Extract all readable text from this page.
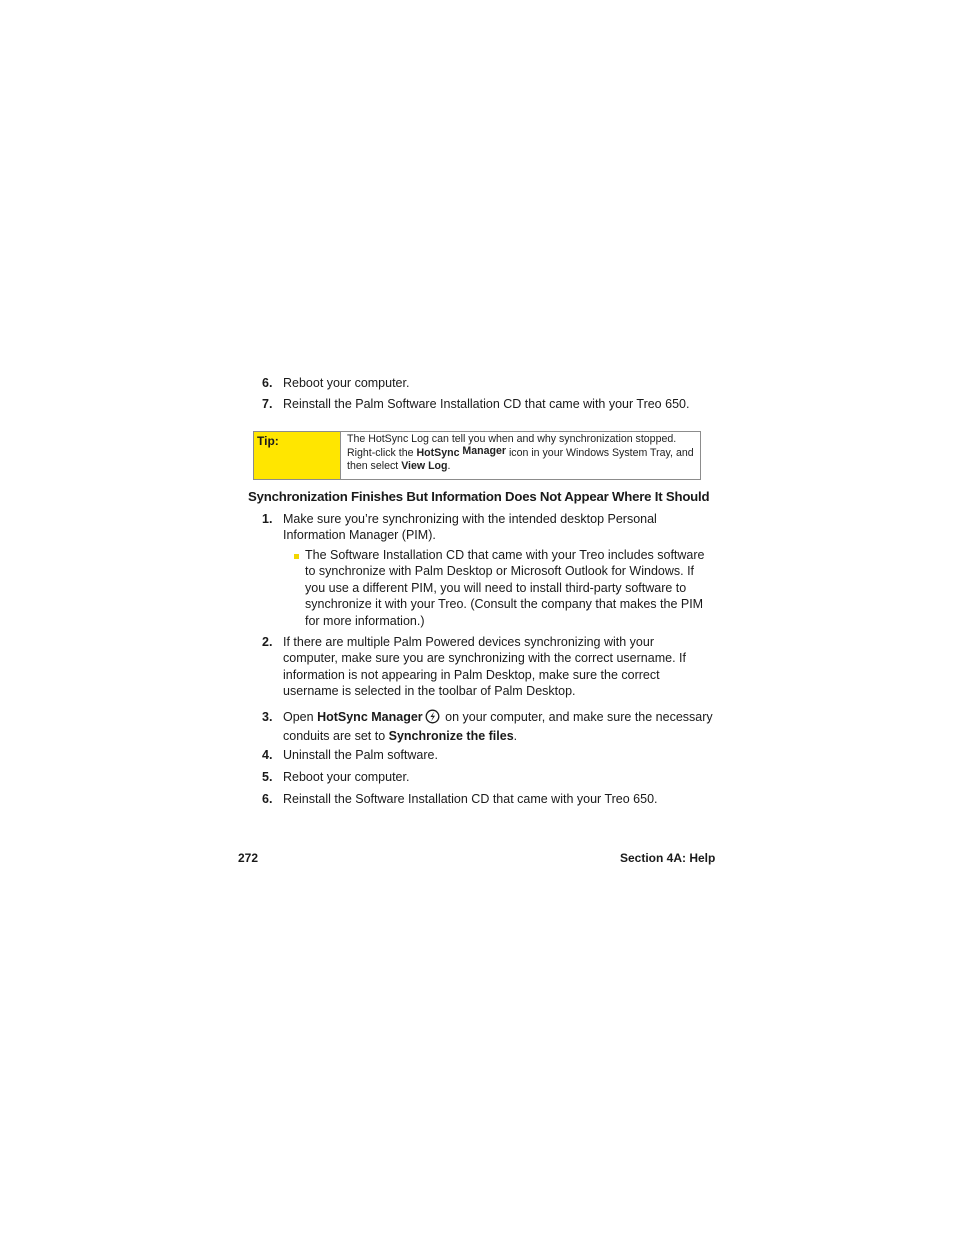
6. Reboot your computer.
7. Reinstall the Palm Software Installation CD that came with your Treo 650.
Tip:	The HotSync Log can tell you when and why synchronization stopped.
Right-click the HotSync Manager icon in your Windows System Tray, and
then select View Log.
Synchronization Finishes But Information Does Not Appear Where It Should
1. Make sure you’re synchronizing with the intended desktop Personal Information Manager (PIM).
The Software Installation CD that came with your Treo includes software to synchronize with Palm Desktop or Microsoft Outlook for Windows. If you use a different PIM, you will need to install third-party software to synchronize it with your Treo. (Consult the company that makes the PIM for more information.)
2. If there are multiple Palm Powered devices synchronizing with your computer, make sure you are synchronizing with the correct username. If information is not appearing in Palm Desktop, make sure the correct username is selected in the toolbar of Palm Desktop.
3. Open HotSync Manager on your computer, and make sure the necessary conduits are set to Synchronize the files.
4. Uninstall the Palm software.
5. Reboot your computer.
6. Reinstall the Software Installation CD that came with your Treo 650.
272	Section 4A: Help
